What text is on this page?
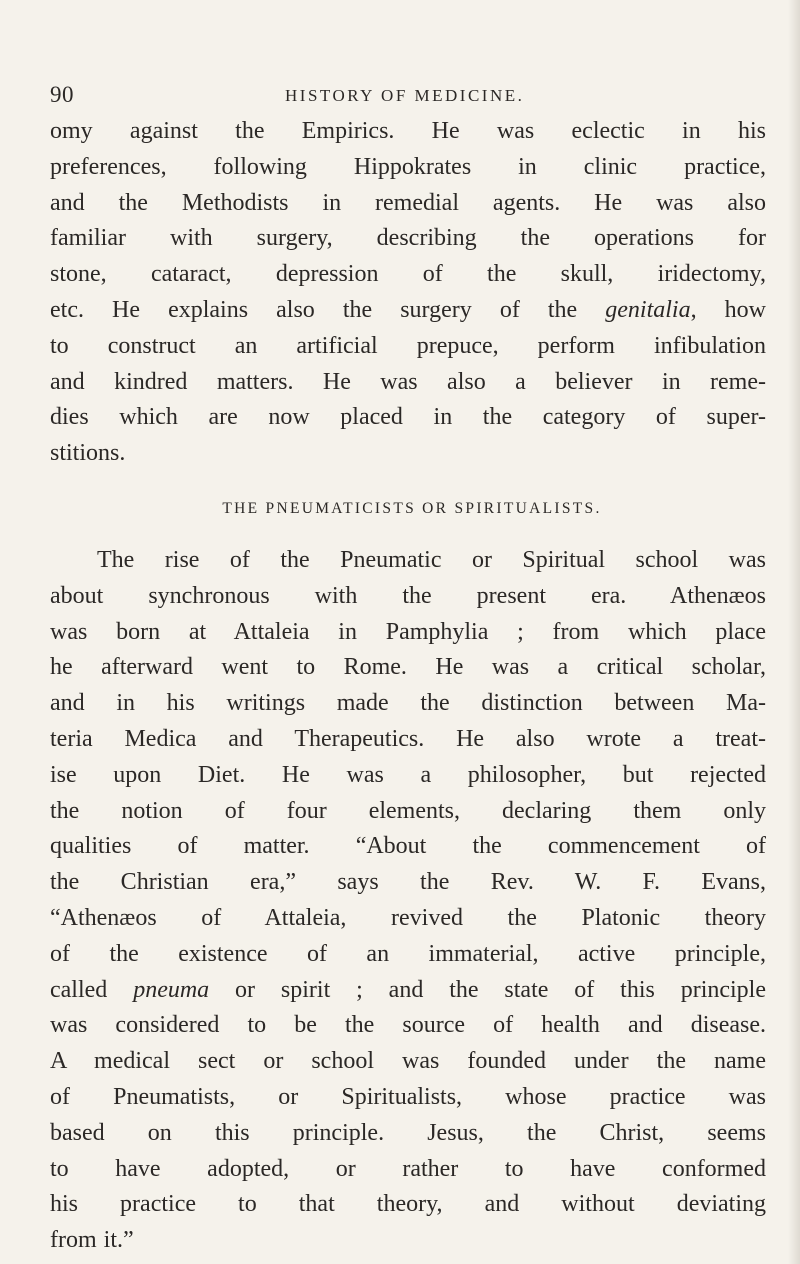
90	HISTORY OF MEDICINE.

omy against the Empirics. He was eclectic in his
preferences, following Hippokrates in clinic practice,
and the Methodists in remedial agents. He was also
familiar with surgery, describing the operations for
stone, cataract, depression of the skull, iridectomy,
etc. He explains also the surgery of the genitalia, how
to construct an artificial prepuce, perform infibulation
and kindred matters. He was also a believer in reme-
dies which are now placed in the category of super-
stitions.

THE PNEUMATICISTS OR SPIRITUALISTS.

The rise of the Pneumatic or Spiritual school was
about synchronous with the present era. Athenæos
was born at Attaleia in Pamphylia ; from which place
he afterward went to Rome. He was a critical scholar,
and in his writings made the distinction between Ma-
teria Medica and Therapeutics. He also wrote a treat-
ise upon Diet. He was a philosopher, but rejected
the notion of four elements, declaring them only
qualities of matter. “About the commencement of
the Christian era,” says the Rev. W. F. Evans,
“Athenæos of Attaleia, revived the Platonic theory
of the existence of an immaterial, active principle,
called pneuma or spirit ; and the state of this principle
was considered to be the source of health and disease.
A medical sect or school was founded under the name
of Pneumatists, or Spiritualists, whose practice was
based on this principle. Jesus, the Christ, seems
to have adopted, or rather to have conformed
his practice to that theory, and without deviating
from it.”
